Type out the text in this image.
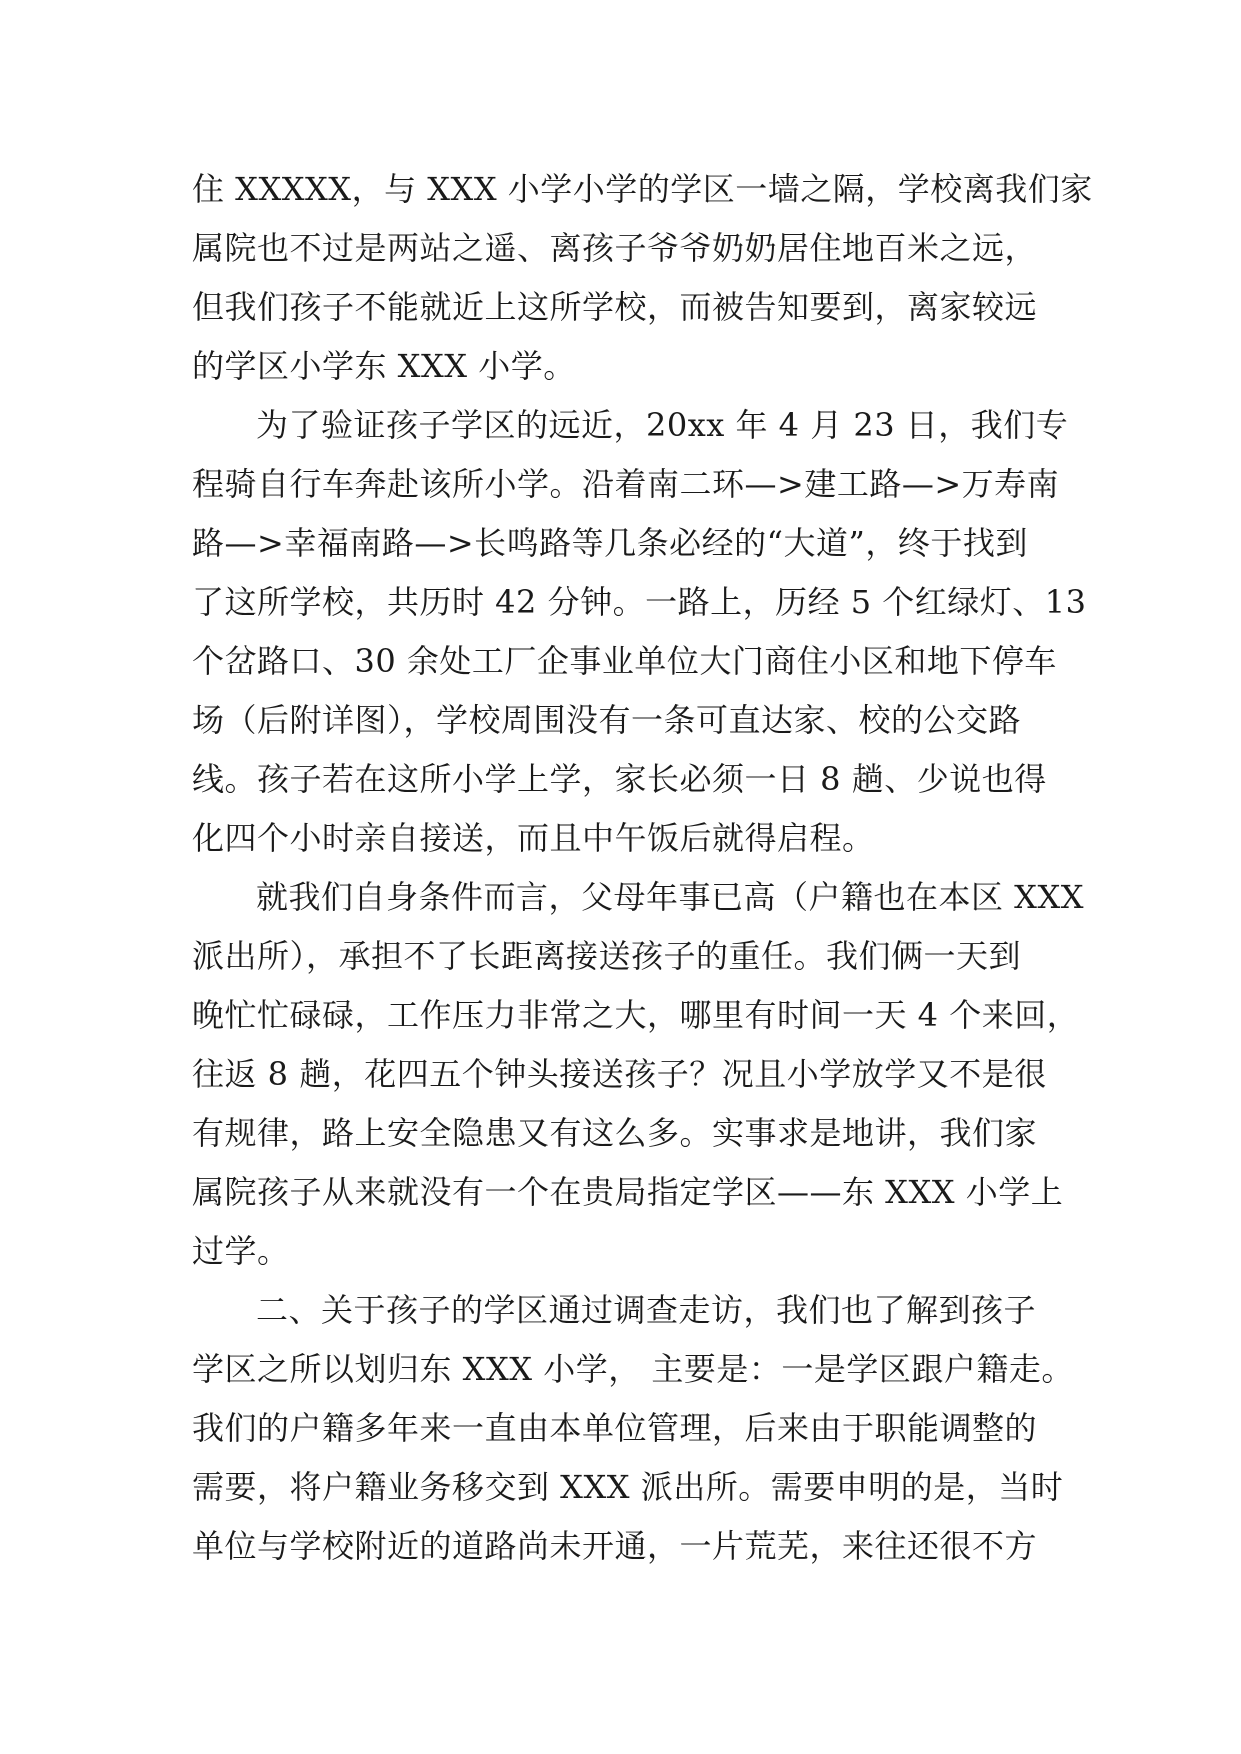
住 XXXXX，与 XXX 小学小学的学区一墙之隔，学校离我们家
属院也不过是两站之遥、离孩子爷爷奶奶居住地百米之远，
但我们孩子不能就近上这所学校，而被告知要到，离家较远
的学区小学东 XXX 小学。
为了验证孩子学区的远近，20xx 年 4 月 23 日，我们专
程骑自行车奔赴该所小学。沿着南二环—>建工路—>万寿南
路—>幸福南路—>长鸣路等几条必经的“大道”，终于找到
了这所学校，共历时 42 分钟。一路上，历经 5 个红绿灯、13
个岔路口、30 余处工厂企事业单位大门商住小区和地下停车
场（后附详图），学校周围没有一条可直达家、校的公交路
线。孩子若在这所小学上学，家长必须一日 8 趟、少说也得
化四个小时亲自接送，而且中午饭后就得启程。
就我们自身条件而言，父母年事已高（户籍也在本区 XXX
派出所），承担不了长距离接送孩子的重任。我们俩一天到
晚忙忙碌碌，工作压力非常之大，哪里有时间一天 4 个来回，
往返 8 趟，花四五个钟头接送孩子？况且小学放学又不是很
有规律，路上安全隐患又有这么多。实事求是地讲，我们家
属院孩子从来就没有一个在贵局指定学区——东 XXX 小学上
过学。
二、关于孩子的学区通过调查走访，我们也了解到孩子
学区之所以划归东 XXX 小学， 主要是：一是学区跟户籍走。
我们的户籍多年来一直由本单位管理，后来由于职能调整的
需要，将户籍业务移交到 XXX 派出所。需要申明的是，当时
单位与学校附近的道路尚未开通，一片荒芜，来往还很不方
